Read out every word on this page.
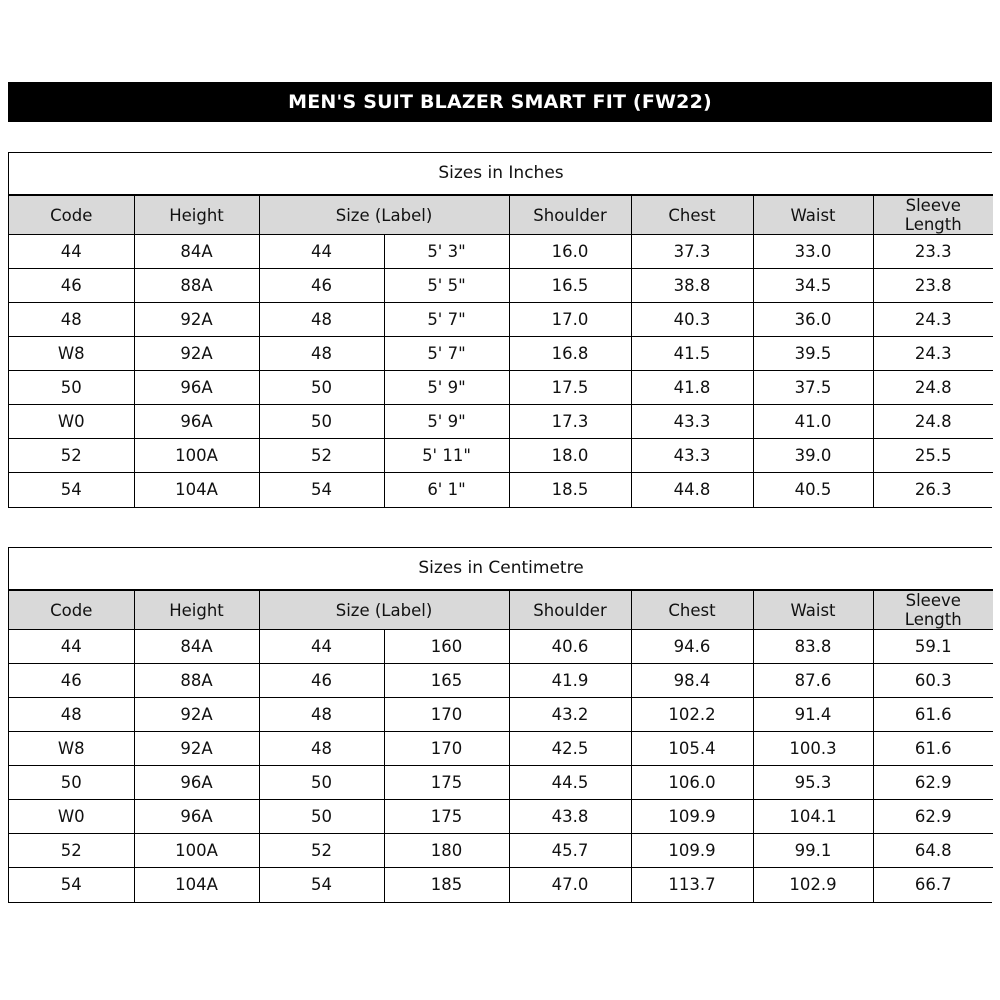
MEN'S SUIT BLAZER SMART FIT (FW22)
Sizes in Inches
Code	Height	Size (Label)		Shoulder	Chest	Waist	Sleeve Length
44	84A	44	5' 3"	16.0	37.3	33.0	23.3
46	88A	46	5' 5"	16.5	38.8	34.5	23.8
48	92A	48	5' 7"	17.0	40.3	36.0	24.3
W8	92A	48	5' 7"	16.8	41.5	39.5	24.3
50	96A	50	5' 9"	17.5	41.8	37.5	24.8
W0	96A	50	5' 9"	17.3	43.3	41.0	24.8
52	100A	52	5' 11"	18.0	43.3	39.0	25.5
54	104A	54	6' 1"	18.5	44.8	40.5	26.3
Sizes in Centimetre
Code	Height	Size (Label)		Shoulder	Chest	Waist	Sleeve Length
44	84A	44	160	40.6	94.6	83.8	59.1
46	88A	46	165	41.9	98.4	87.6	60.3
48	92A	48	170	43.2	102.2	91.4	61.6
W8	92A	48	170	42.5	105.4	100.3	61.6
50	96A	50	175	44.5	106.0	95.3	62.9
W0	96A	50	175	43.8	109.9	104.1	62.9
52	100A	52	180	45.7	109.9	99.1	64.8
54	104A	54	185	47.0	113.7	102.9	66.7
